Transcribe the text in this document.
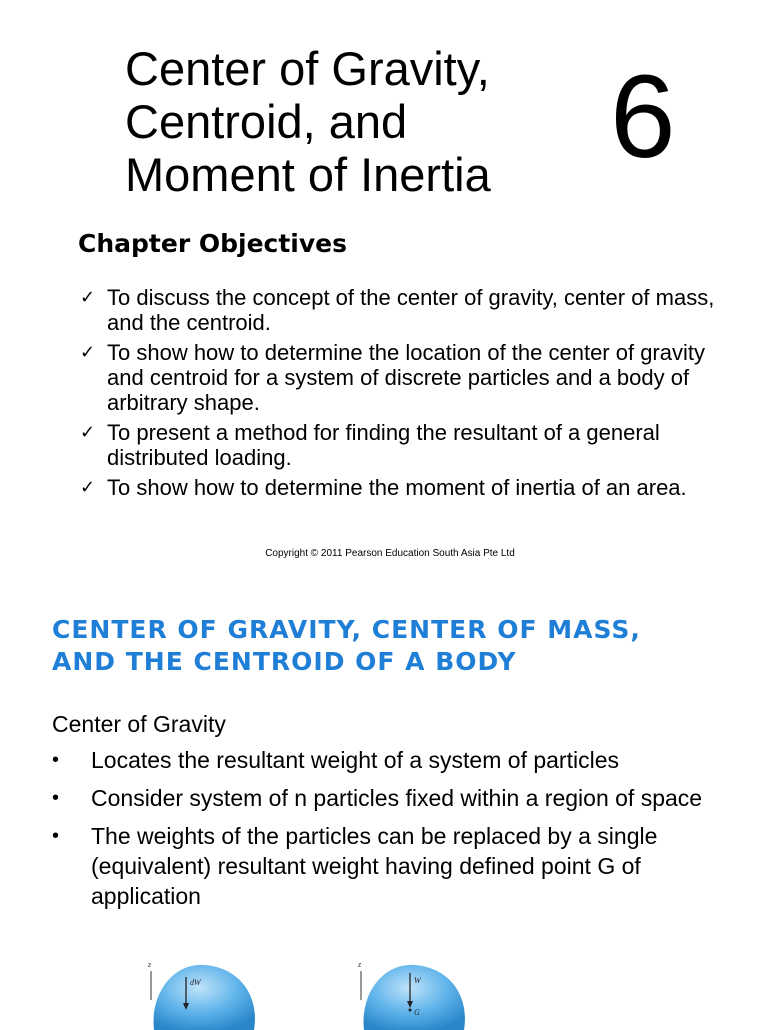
Center of Gravity,
Centroid, and
Moment of Inertia	6
Chapter Objectives
✓ To discuss the concept of the center of gravity, center of mass, and the centroid.
✓ To show how to determine the location of the center of gravity and centroid for a system of discrete particles and a body of arbitrary shape.
✓ To present a method for finding the resultant of a general distributed loading.
✓ To show how to determine the moment of inertia of an area.
Copyright © 2011 Pearson Education South Asia Pte Ltd
CENTER OF GRAVITY, CENTER OF MASS,
AND THE CENTROID OF A BODY
Center of Gravity
• Locates the resultant weight of a system of particles
• Consider system of n particles fixed within a region of space
• The weights of the particles can be replaced by a single (equivalent) resultant weight having defined point G of application
z
dW
z
W
G
